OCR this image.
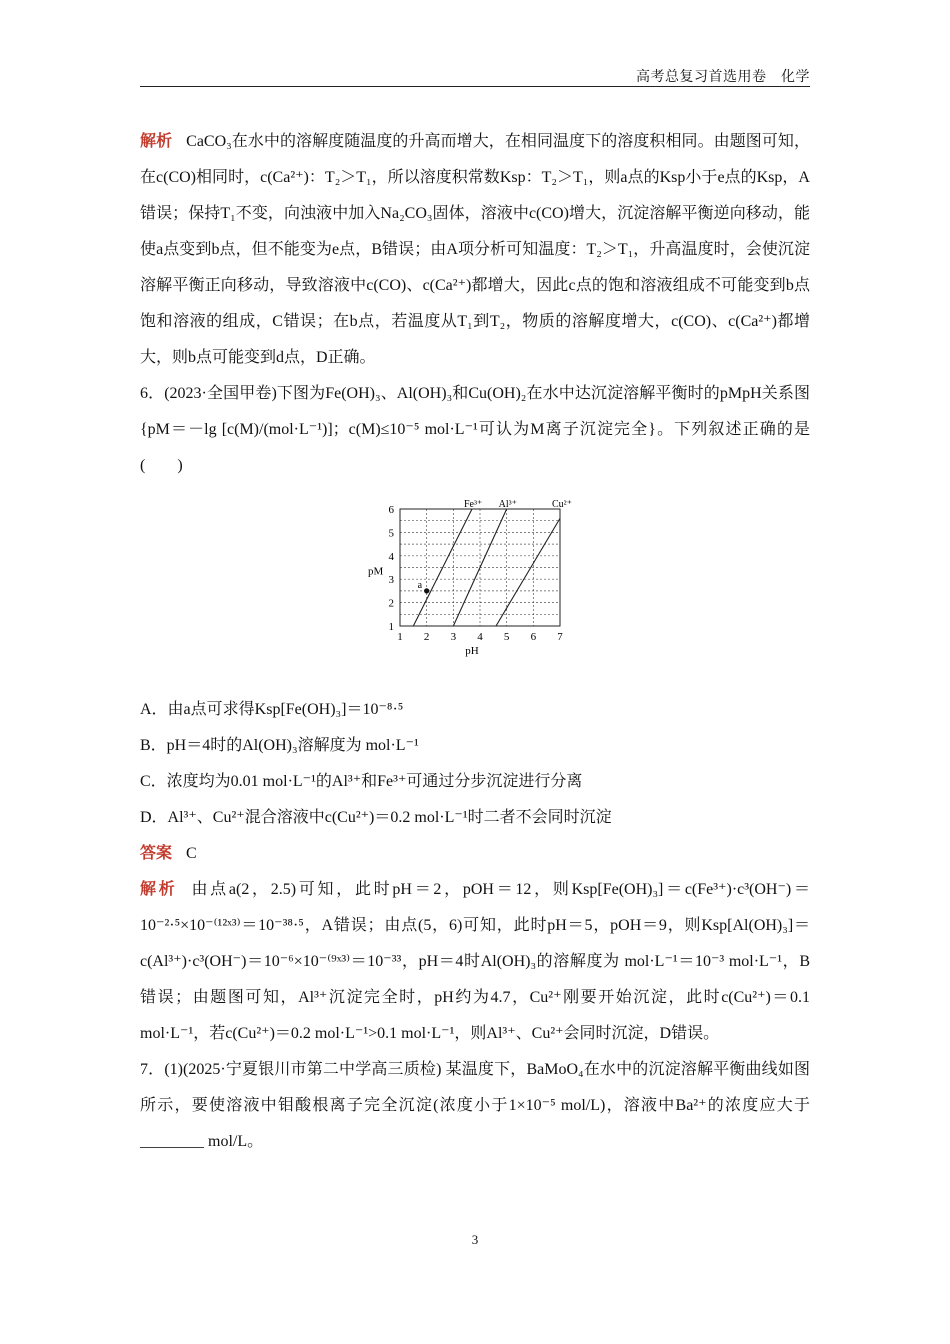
高考总复习首选用卷　化学

解析 CaCO₃在水中的溶解度随温度的升高而增大，在相同温度下的溶度积相同。由题图可知，在c(CO)相同时，c(Ca²⁺)：T₂＞T₁，所以溶度积常数Ksp：T₂＞T₁，则a点的Ksp小于e点的Ksp，A错误；保持T₁不变，向浊液中加入Na₂CO₃固体，溶液中c(CO)增大，沉淀溶解平衡逆向移动，能使a点变到b点，但不能变为e点，B错误；由A项分析可知温度：T₂＞T₁，升高温度时，会使沉淀溶解平衡正向移动，导致溶液中c(CO)、c(Ca²⁺)都增大，因此c点的饱和溶液组成不可能变到b点饱和溶液的组成，C错误；在b点，若温度从T₁到T₂，物质的溶解度增大，c(CO)、c(Ca²⁺)都增大，则b点可能变到d点，D正确。

6．(2023·全国甲卷)下图为Fe(OH)₃、Al(OH)₃和Cu(OH)₂在水中达沉淀溶解平衡时的pMpH关系图{pM＝－lg [c(M)/(mol·L⁻¹)]；c(M)≤10⁻⁵ mol·L⁻¹可认为M离子沉淀完全}。下列叙述正确的是(　　)

1 2 3 4 5 6 7
1
2
3
4
5
6
pH
pM
Fe³⁺ Al³⁺	Cu²⁺
a

A．由a点可求得Ksp[Fe(OH)₃]＝10⁻⁸·⁵

B．pH＝4时的Al(OH)₃溶解度为 mol·L⁻¹

C．浓度均为0.01 mol·L⁻¹的Al³⁺和Fe³⁺可通过分步沉淀进行分离

D．Al³⁺、Cu²⁺混合溶液中c(Cu²⁺)＝0.2 mol·L⁻¹时二者不会同时沉淀

答案 C

解析 由点a(2，2.5)可知，此时pH＝2，pOH＝12，则Ksp[Fe(OH)₃]＝c(Fe³⁺)·c³(OH⁻)＝10⁻²·⁵×10⁻⁽¹²ˣ³⁾＝10⁻³⁸·⁵，A错误；由点(5，6)可知，此时pH＝5，pOH＝9，则Ksp[Al(OH)₃]＝c(Al³⁺)·c³(OH⁻)＝10⁻⁶×10⁻⁽⁹ˣ³⁾＝10⁻³³，pH＝4时Al(OH)₃的溶解度为 mol·L⁻¹＝10⁻³ mol·L⁻¹，B错误；由题图可知，Al³⁺沉淀完全时，pH约为4.7，Cu²⁺刚要开始沉淀，此时c(Cu²⁺)＝0.1 mol·L⁻¹，若c(Cu²⁺)＝0.2 mol·L⁻¹>0.1 mol·L⁻¹，则Al³⁺、Cu²⁺会同时沉淀，D错误。

7．(1)(2025·宁夏银川市第二中学高三质检) 某温度下，BaMoO₄在水中的沉淀溶解平衡曲线如图所示，要使溶液中钼酸根离子完全沉淀(浓度小于1×10⁻⁵ mol/L)，溶液中Ba²⁺的浓度应大于________ mol/L。

3
